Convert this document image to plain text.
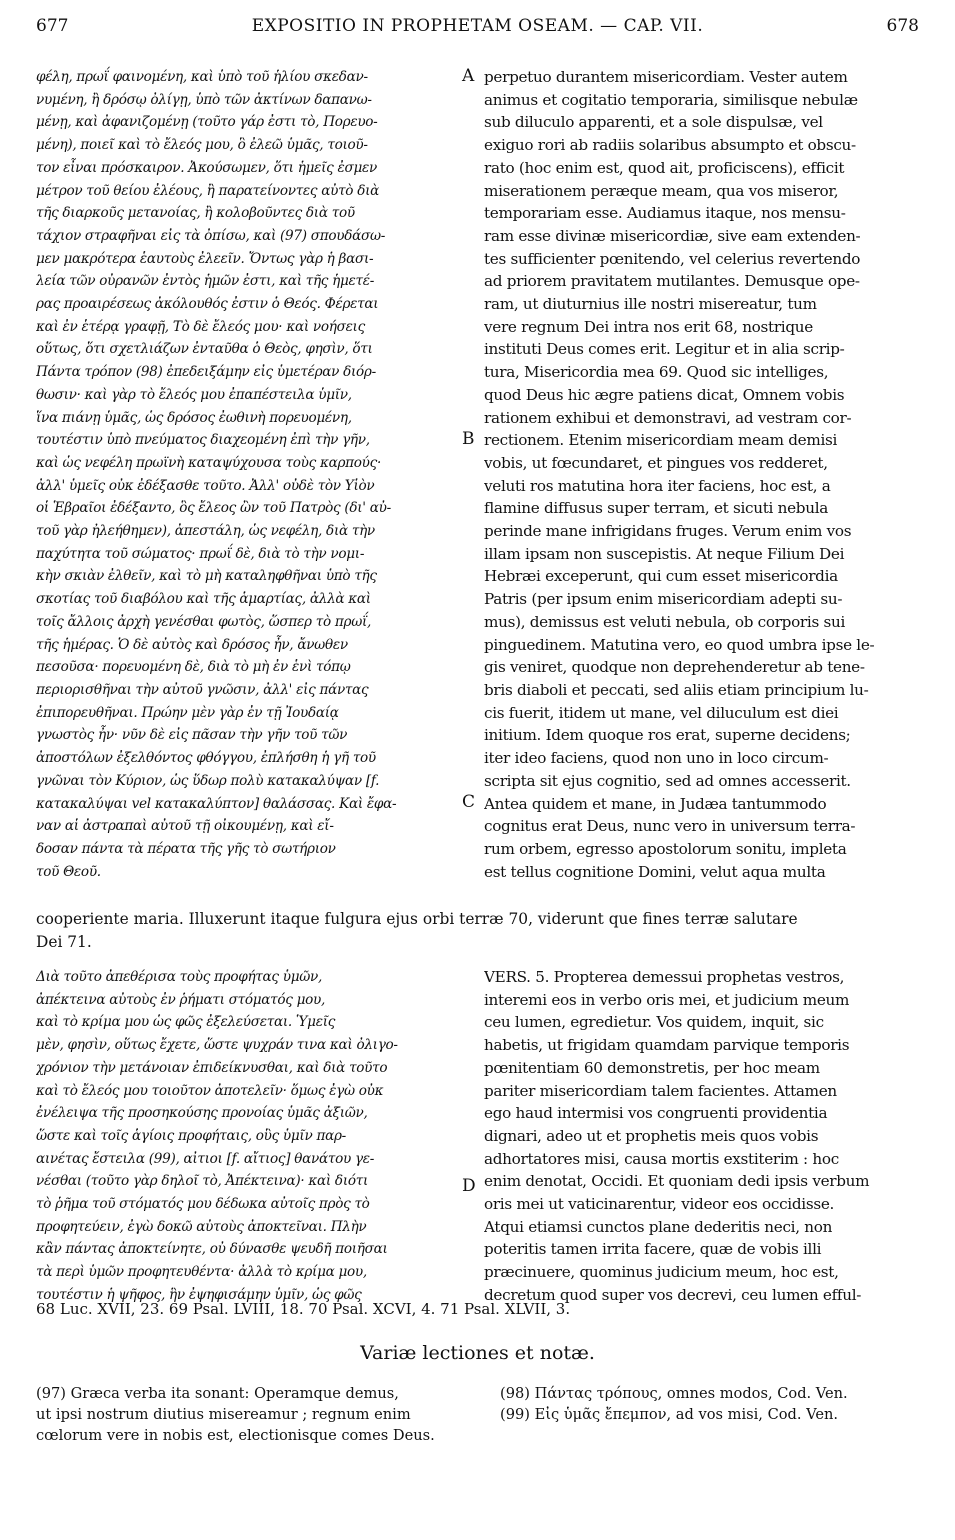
677	EXPOSITIO IN PROPHETAM OSEAM. — CAP. VII.	678
A
B
C
D
φέλη, πρωΐ φαινομένη, καὶ ὑπὸ τοῦ ἡλίου σκεδαν-
νυμένη, ἢ δρόσῳ ὀλίγῃ, ὑπὸ τῶν ἀκτίνων δαπανω-
μένῃ, καὶ ἀφανιζομένῃ (τοῦτο γάρ ἐστι τὸ, Πορευο-
μένη), ποιεῖ καὶ τὸ ἔλεός μου, ὃ ἐλεῶ ὑμᾶς, τοιοῦ-
τον εἶναι πρόσκαιρον. Ἀκούσωμεν, ὅτι ἡμεῖς ἐσμεν
μέτρον τοῦ θείου ἐλέους, ἢ παρατείνοντες αὐτὸ διὰ
τῆς διαρκοῦς μετανοίας, ἢ κολοβοῦντες διὰ τοῦ
τάχιον στραφῆναι εἰς τὰ ὀπίσω, καὶ (97) σπουδάσω-
μεν μακρότερα ἑαυτοὺς ἐλεεῖν. Ὄντως γὰρ ἡ βασι-
λεία τῶν οὐρανῶν ἐντὸς ἡμῶν ἐστι, καὶ τῆς ἡμετέ-
ρας προαιρέσεως ἀκόλουθός ἐστιν ὁ Θεός. Φέρεται
καὶ ἐν ἑτέρᾳ γραφῇ, Τὸ δὲ ἔλεός μου· καὶ νοήσεις
οὕτως, ὅτι σχετλιάζων ἐνταῦθα ὁ Θεὸς, φησὶν, ὅτι
Πάντα τρόπον (98) ἐπεδειξάμην εἰς ὑμετέραν διόρ-
θωσιν· καὶ γὰρ τὸ ἔλεός μου ἐπαπέστειλα ὑμῖν,
ἵνα πιάνῃ ὑμᾶς, ὡς δρόσος ἐωθινὴ πορευομένη,
τουτέστιν ὑπὸ πνεύματος διαχεομένη ἐπὶ τὴν γῆν,
καὶ ὡς νεφέλη πρωϊνὴ καταψύχουσα τοὺς καρπούς·
ἀλλ' ὑμεῖς οὐκ ἐδέξασθε τοῦτο. Ἀλλ' οὐδὲ τὸν Υἱὸν
οἱ Ἑβραῖοι ἐδέξαντο, ὃς ἔλεος ὢν τοῦ Πατρὸς (δι' αὐ-
τοῦ γὰρ ἠλεήθημεν), ἀπεστάλη, ὡς νεφέλη, διὰ τὴν
παχύτητα τοῦ σώματος· πρωΐ δὲ, διὰ τὸ τὴν νομι-
κὴν σκιὰν ἐλθεῖν, καὶ τὸ μὴ καταληφθῆναι ὑπὸ τῆς
σκοτίας τοῦ διαβόλου καὶ τῆς ἁμαρτίας, ἀλλὰ καὶ
τοῖς ἄλλοις ἀρχὴ γενέσθαι φωτὸς, ὥσπερ τὸ πρωΐ,
τῆς ἡμέρας. Ὁ δὲ αὐτὸς καὶ δρόσος ἦν, ἄνωθεν
πεσοῦσα· πορευομένη δὲ, διὰ τὸ μὴ ἐν ἑνὶ τόπῳ
περιορισθῆναι τὴν αὐτοῦ γνῶσιν, ἀλλ' εἰς πάντας
ἐπιπορευθῆναι. Πρώην μὲν γὰρ ἐν τῇ Ἰουδαίᾳ
γνωστὸς ἦν· νῦν δὲ εἰς πᾶσαν τὴν γῆν τοῦ τῶν
ἀποστόλων ἐξελθόντος φθόγγου, ἐπλήσθη ἡ γῆ τοῦ
γνῶναι τὸν Κύριον, ὡς ὕδωρ πολὺ κατακαλύψαν [f.
κατακαλύψαι vel κατακαλύπτον] θαλάσσας. Καὶ ἔφα-
ναν αἱ ἀστραπαὶ αὐτοῦ τῇ οἰκουμένῃ, καὶ εἴ-
δοσαν πάντα τὰ πέρατα τῆς γῆς τὸ σωτήριον
τοῦ Θεοῦ.
perpetuo durantem misericordiam. Vester autem
animus et cogitatio temporaria, similisque nebulæ
sub diluculo apparenti, et a sole dispulsæ, vel
exiguo rori ab radiis solaribus absumpto et obscu-
rato (hoc enim est, quod ait, proficiscens), efficit
miserationem peræque meam, qua vos miseror,
temporariam esse. Audiamus itaque, nos mensu-
ram esse divinæ misericordiæ, sive eam extenden-
tes sufficienter pœnitendo, vel celerius revertendo
ad priorem pravitatem mutilantes. Demusque ope-
ram, ut diuturnius ille nostri misereatur, tum
vere regnum Dei intra nos erit 68, nostrique
instituti Deus comes erit. Legitur et in alia scrip-
tura, Misericordia mea 69. Quod sic intelliges,
quod Deus hic ægre patiens dicat, Omnem vobis
rationem exhibui et demonstravi, ad vestram cor-
rectionem. Etenim misericordiam meam demisi
vobis, ut fœcundaret, et pingues vos redderet,
veluti ros matutina hora iter faciens, hoc est, a
flamine diffusus super terram, et sicuti nebula
perinde mane infrigidans fruges. Verum enim vos
illam ipsam non suscepistis. At neque Filium Dei
Hebræi exceperunt, qui cum esset misericordia
Patris (per ipsum enim misericordiam adepti su-
mus), demissus est veluti nebula, ob corporis sui
pinguedinem. Matutina vero, eo quod umbra ipse le-
gis veniret, quodque non deprehenderetur ab tene-
bris diaboli et peccati, sed aliis etiam principium lu-
cis fuerit, itidem ut mane, vel diluculum est diei
initium. Idem quoque ros erat, superne decidens;
iter ideo faciens, quod non uno in loco circum-
scripta sit ejus cognitio, sed ad omnes accesserit.
Antea quidem et mane, in Judæa tantummodo
cognitus erat Deus, nunc vero in universum terra-
rum orbem, egresso apostolorum sonitu, impleta
est tellus cognitione Domini, velut aqua multa
cooperiente maria. Illuxerunt itaque fulgura ejus orbi terræ 70, viderunt que fines terræ salutare
Dei 71.
Διὰ τοῦτο ἀπεθέρισα τοὺς προφήτας ὑμῶν,
ἀπέκτεινα αὐτοὺς ἐν ῥήματι στόματός μου,
καὶ τὸ κρίμα μου ὡς φῶς ἐξελεύσεται. Ὑμεῖς
μὲν, φησὶν, οὕτως ἔχετε, ὥστε ψυχράν τινα καὶ ὀλιγο-
χρόνιον τὴν μετάνοιαν ἐπιδείκνυσθαι, καὶ διὰ τοῦτο
καὶ τὸ ἔλεός μου τοιοῦτον ἀποτελεῖν· ὅμως ἐγὼ οὐκ
ἐνέλειψα τῆς προσηκούσης προνοίας ὑμᾶς ἀξιῶν,
ὥστε καὶ τοῖς ἁγίοις προφήταις, οὓς ὑμῖν παρ-
αινέτας ἔστειλα (99), αἰτιοι [f. αἴτιος] θανάτου γε-
νέσθαι (τοῦτο γὰρ δηλοῖ τὸ, Ἀπέκτεινα)· καὶ διότι
τὸ ῥῆμα τοῦ στόματός μου δέδωκα αὐτοῖς πρὸς τὸ
προφητεύειν, ἐγὼ δοκῶ αὐτοὺς ἀποκτεῖναι. Πλὴν
κἂν πάντας ἀποκτείνητε, οὐ δύνασθε ψευδῆ ποιῆσαι
τὰ περὶ ὑμῶν προφητευθέντα· ἀλλὰ τὸ κρίμα μου,
τουτέστιν ἡ ψῆφος, ἣν ἐψηφισάμην ὑμῖν, ὡς φῶς
VERS. 5. Propterea demessui prophetas vestros,
interemi eos in verbo oris mei, et judicium meum
ceu lumen, egredietur. Vos quidem, inquit, sic
habetis, ut frigidam quamdam parvique temporis
pœnitentiam 60 demonstretis, per hoc meam
pariter misericordiam talem facientes. Attamen
ego haud intermisi vos congruenti providentia
dignari, adeo ut et prophetis meis quos vobis
adhortatores misi, causa mortis exstiterim : hoc
enim denotat, Occidi. Et quoniam dedi ipsis verbum
oris mei ut vaticinarentur, videor eos occidisse.
Atqui etiamsi cunctos plane dederitis neci, non
poteritis tamen irrita facere, quæ de vobis illi
præcinuere, quominus judicium meum, hoc est,
decretum quod super vos decrevi, ceu lumen efful-
68 Luc. XVII, 23. 69 Psal. LVIII, 18. 70 Psal. XCVI, 4. 71 Psal. XLVII, 3.
Variæ lectiones et notæ.
(97) Græca verba ita sonant: Operamque demus,
ut ipsi nostrum diutius misereamur ; regnum enim
cœlorum vere in nobis est, electionisque comes Deus.
(98) Πάντας τρόπους, omnes modos, Cod. Ven.
(99) Εἰς ὑμᾶς ἔπεμπον, ad vos misi, Cod. Ven.
